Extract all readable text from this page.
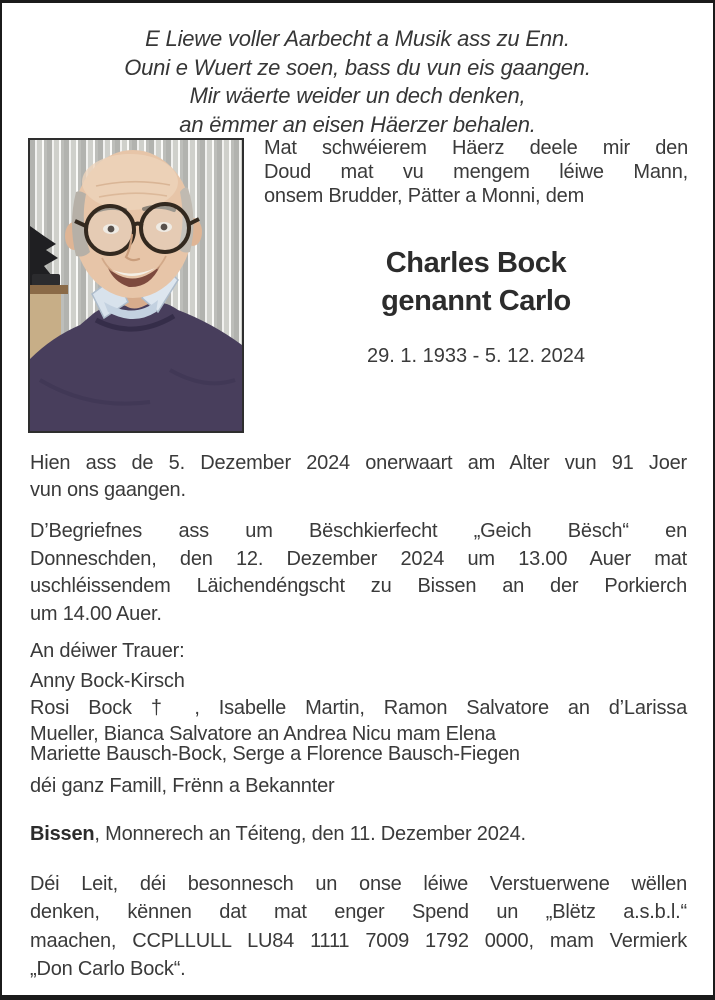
E Liewe voller Aarbecht a Musik ass zu Enn.
Ouni e Wuert ze soen, bass du vun eis gaangen.
Mir wäerte weider un dech denken,
an ëmmer an eisen Häerzer behalen.
Mat schwéierem Häerz deele mir den
Doud mat vu mengem léiwe Mann,
onsem Brudder, Pätter a Monni, dem
Charles Bock
genannt Carlo
29. 1. 1933 - 5. 12. 2024
Hien ass de 5. Dezember 2024 onerwaart am Alter vun 91 Joer
vun ons gaangen.
D’Begriefnes ass um Bëschkierfecht „Geich Bësch“ en
Donneschden, den 12. Dezember 2024 um 13.00 Auer mat
uschléissendem Läichendéngscht zu Bissen an der Porkierch
um 14.00 Auer.
An déiwer Trauer:
Anny Bock-Kirsch
Rosi Bock † , Isabelle Martin, Ramon Salvatore an d’Larissa
Mueller, Bianca Salvatore an Andrea Nicu mam Elena
Mariette Bausch-Bock, Serge a Florence Bausch-Fiegen
déi ganz Famill, Frënn a Bekannter
Bissen, Monnerech an Téiteng, den 11. Dezember 2024.
Déi Leit, déi besonnesch un onse léiwe Verstuerwene wëllen
denken, kënnen dat mat enger Spend un „Blëtz a.s.b.l.“
maachen, CCPLLULL LU84 1111 7009 1792 0000, mam Vermierk
„Don Carlo Bock“.
